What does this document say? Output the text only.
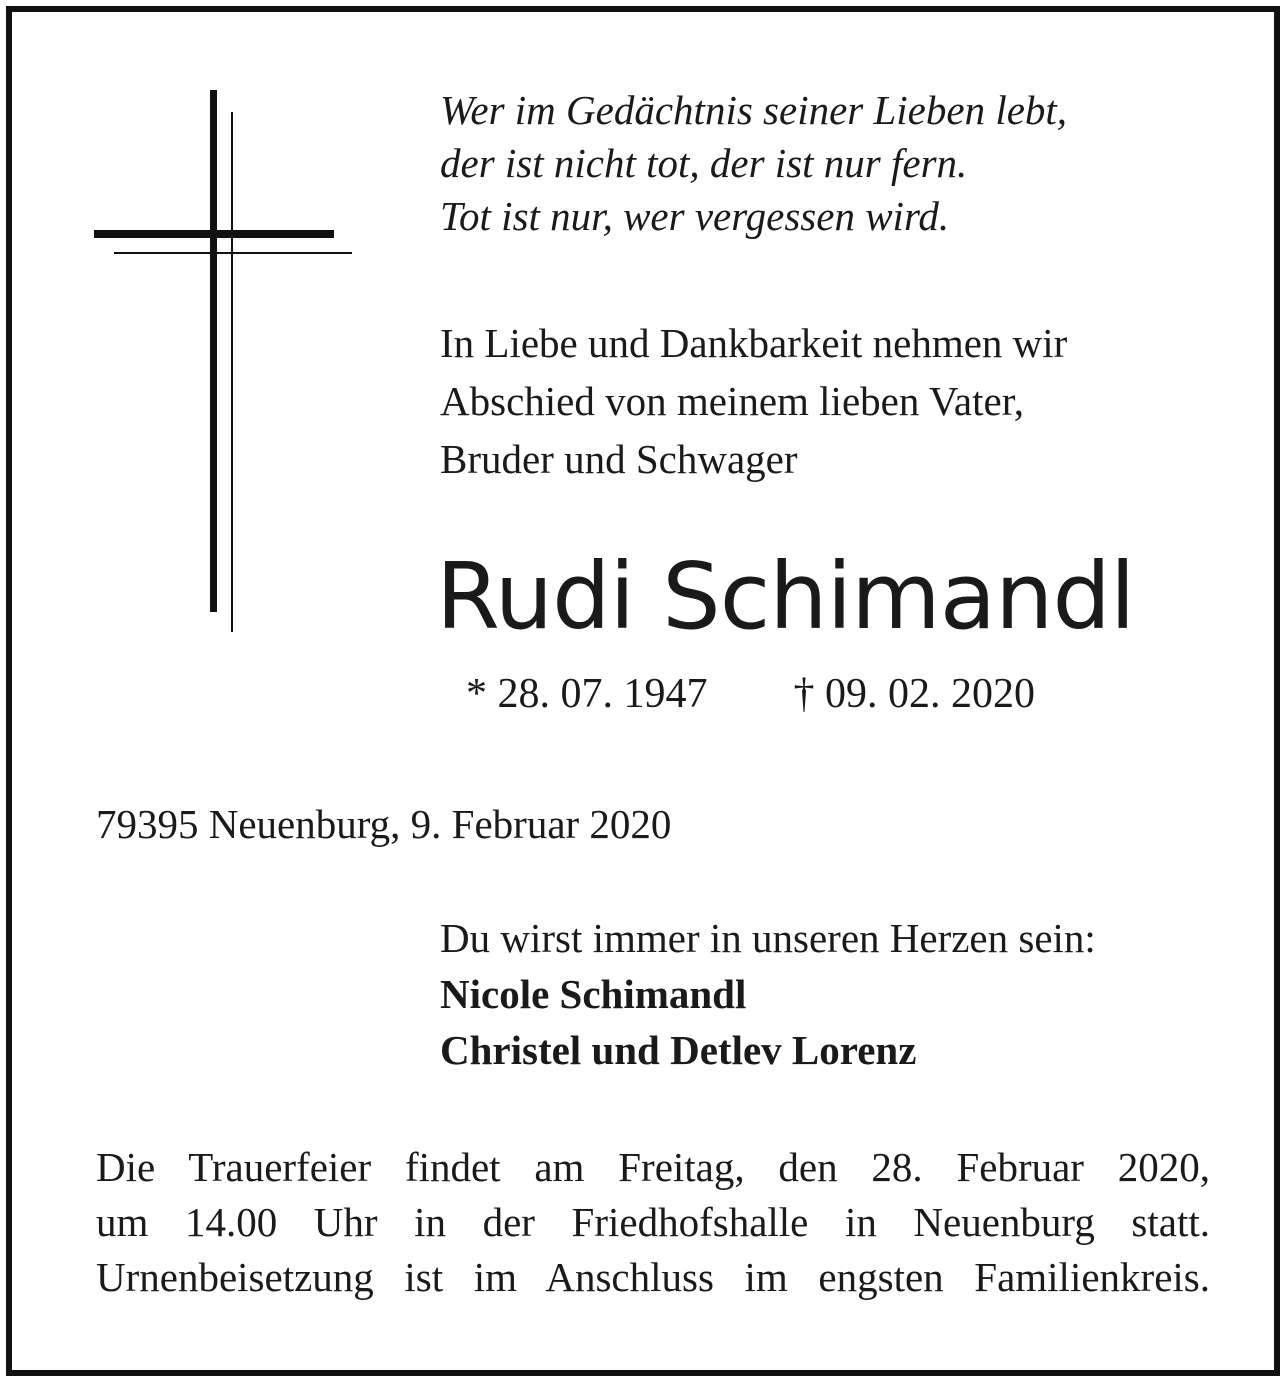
Wer im Gedächtnis seiner Lieben lebt,
der ist nicht tot, der ist nur fern.
Tot ist nur, wer vergessen wird.
In Liebe und Dankbarkeit nehmen wir
Abschied von meinem lieben Vater,
Bruder und Schwager
Rudi Schimandl
* 28. 07. 1947 † 09. 02. 2020
79395 Neuenburg, 9. Februar 2020
Du wirst immer in unseren Herzen sein:
Nicole Schimandl
Christel und Detlev Lorenz
Die Trauerfeier findet am Freitag, den 28. Februar 2020,
um 14.00 Uhr in der Friedhofshalle in Neuenburg statt.
Urnenbeisetzung ist im Anschluss im engsten Familienkreis.
